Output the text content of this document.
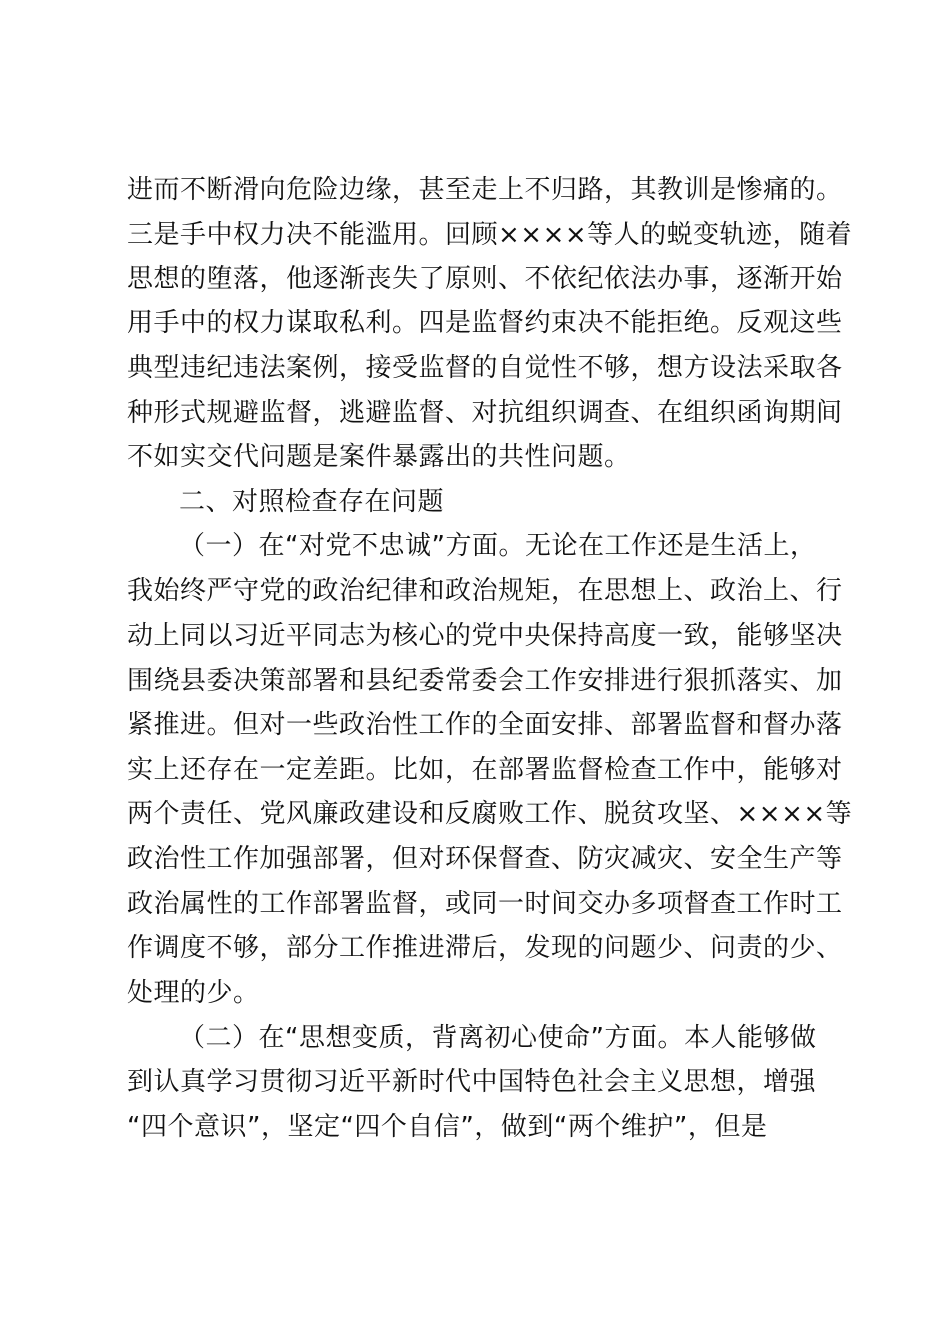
进而不断滑向危险边缘，甚至走上不归路，其教训是惨痛的。
三是手中权力决不能滥用。回顾××××等人的蜕变轨迹，随着
思想的堕落，他逐渐丧失了原则、不依纪依法办事，逐渐开始
用手中的权力谋取私利。四是监督约束决不能拒绝。反观这些
典型违纪违法案例，接受监督的自觉性不够，想方设法采取各
种形式规避监督，逃避监督、对抗组织调查、在组织函询期间
不如实交代问题是案件暴露出的共性问题。
二、对照检查存在问题
（一）在“对党不忠诚”方面。无论在工作还是生活上，
我始终严守党的政治纪律和政治规矩，在思想上、政治上、行
动上同以习近平同志为核心的党中央保持高度一致，能够坚决
围绕县委决策部署和县纪委常委会工作安排进行狠抓落实、加
紧推进。但对一些政治性工作的全面安排、部署监督和督办落
实上还存在一定差距。比如，在部署监督检查工作中，能够对
两个责任、党风廉政建设和反腐败工作、脱贫攻坚、××××等
政治性工作加强部署，但对环保督查、防灾减灾、安全生产等
政治属性的工作部署监督，或同一时间交办多项督查工作时工
作调度不够，部分工作推进滞后，发现的问题少、问责的少、
处理的少。
（二）在“思想变质，背离初心使命”方面。本人能够做
到认真学习贯彻习近平新时代中国特色社会主义思想，增强
“四个意识”，坚定“四个自信”，做到“两个维护”，但是
